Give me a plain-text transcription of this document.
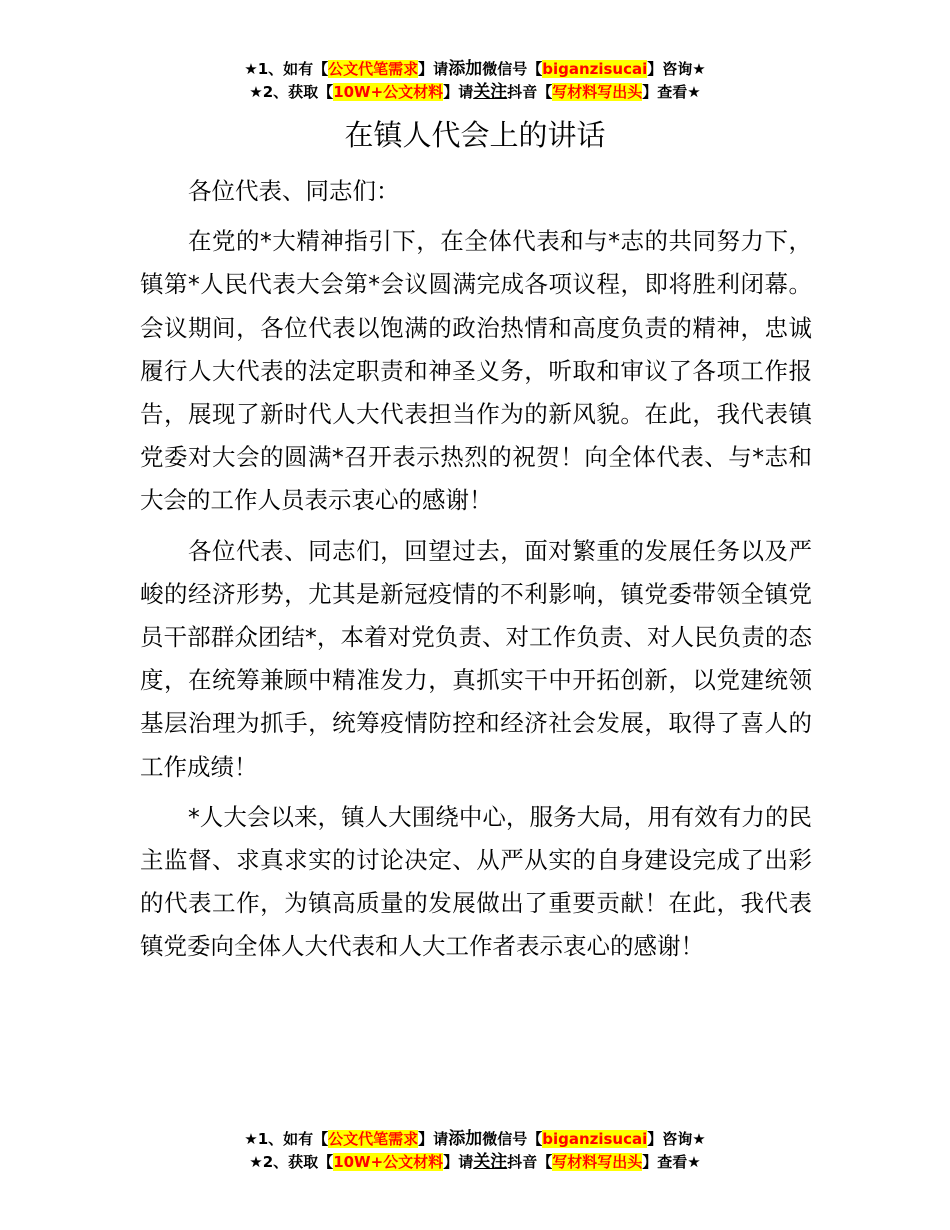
★1、如有【公文代笔需求】请添加微信号【biganzisucai】咨询★
★2、获取【10W+公文材料】请关注抖音【写材料写出头】查看★
在镇人代会上的讲话

各位代表、同志们：

在党的*大精神指引下，在全体代表和与*志的共同努力下，镇第*人民代表大会第*会议圆满完成各项议程，即将胜利闭幕。会议期间，各位代表以饱满的政治热情和高度负责的精神，忠诚履行人大代表的法定职责和神圣义务，听取和审议了各项工作报告，展现了新时代人大代表担当作为的新风貌。在此，我代表镇党委对大会的圆满*召开表示热烈的祝贺！向全体代表、与*志和大会的工作人员表示衷心的感谢！

各位代表、同志们，回望过去，面对繁重的发展任务以及严峻的经济形势，尤其是新冠疫情的不利影响，镇党委带领全镇党员干部群众团结*，本着对党负责、对工作负责、对人民负责的态度，在统筹兼顾中精准发力，真抓实干中开拓创新，以党建统领基层治理为抓手，统筹疫情防控和经济社会发展，取得了喜人的工作成绩！

*人大会以来，镇人大围绕中心，服务大局，用有效有力的民主监督、求真求实的讨论决定、从严从实的自身建设完成了出彩的代表工作，为镇高质量的发展做出了重要贡献！在此，我代表镇党委向全体人大代表和人大工作者表示衷心的感谢！

★1、如有【公文代笔需求】请添加微信号【biganzisucai】咨询★
★2、获取【10W+公文材料】请关注抖音【写材料写出头】查看★
